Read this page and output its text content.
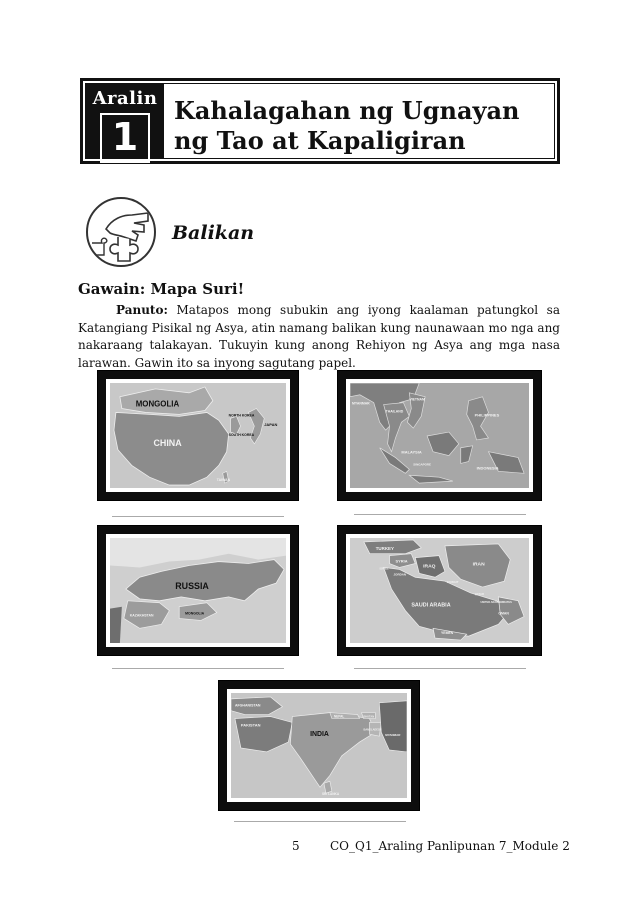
Aralin
1
Kahalagahan ng Ugnayan
ng Tao at Kapaligiran
Balikan
Gawain: Mapa Suri!
Panuto: Matapos mong subukin ang iyong kaalaman patungkol sa Katangiang Pisikal ng Asya, atin namang balikan kung naunawaan mo nga ang nakaraang talakayan. Tukuyin kung anong Rehiyon ng Asya ang mga nasa larawan. Gawin ito sa inyong sagutang papel.
MONGOLIA
CHINA
NORTH KOREA
SOUTH KOREA
JAPAN
TAIWAN
MYANMAR
THAILAND
VIETNAM
PHILIPPINES
MALAYSIA
SINGAPORE
INDONESIA
RUSSIA
KAZAKHSTAN	MONGOLIA
TURKEY
SYRIA
IRAQ	IRAN
JORDAN
ISRAEL
KUWAIT
SAUDI ARABIA
QATAR
UNITED ARAB EMIRATES
OMAN
YEMEN
AFGHANISTAN
PAKISTAN
NEPAL	BHUTAN
INDIA
BANGLADESH
MYANMAR
SRI LANKA
5	CO_Q1_Araling Panlipunan 7_Module 2
